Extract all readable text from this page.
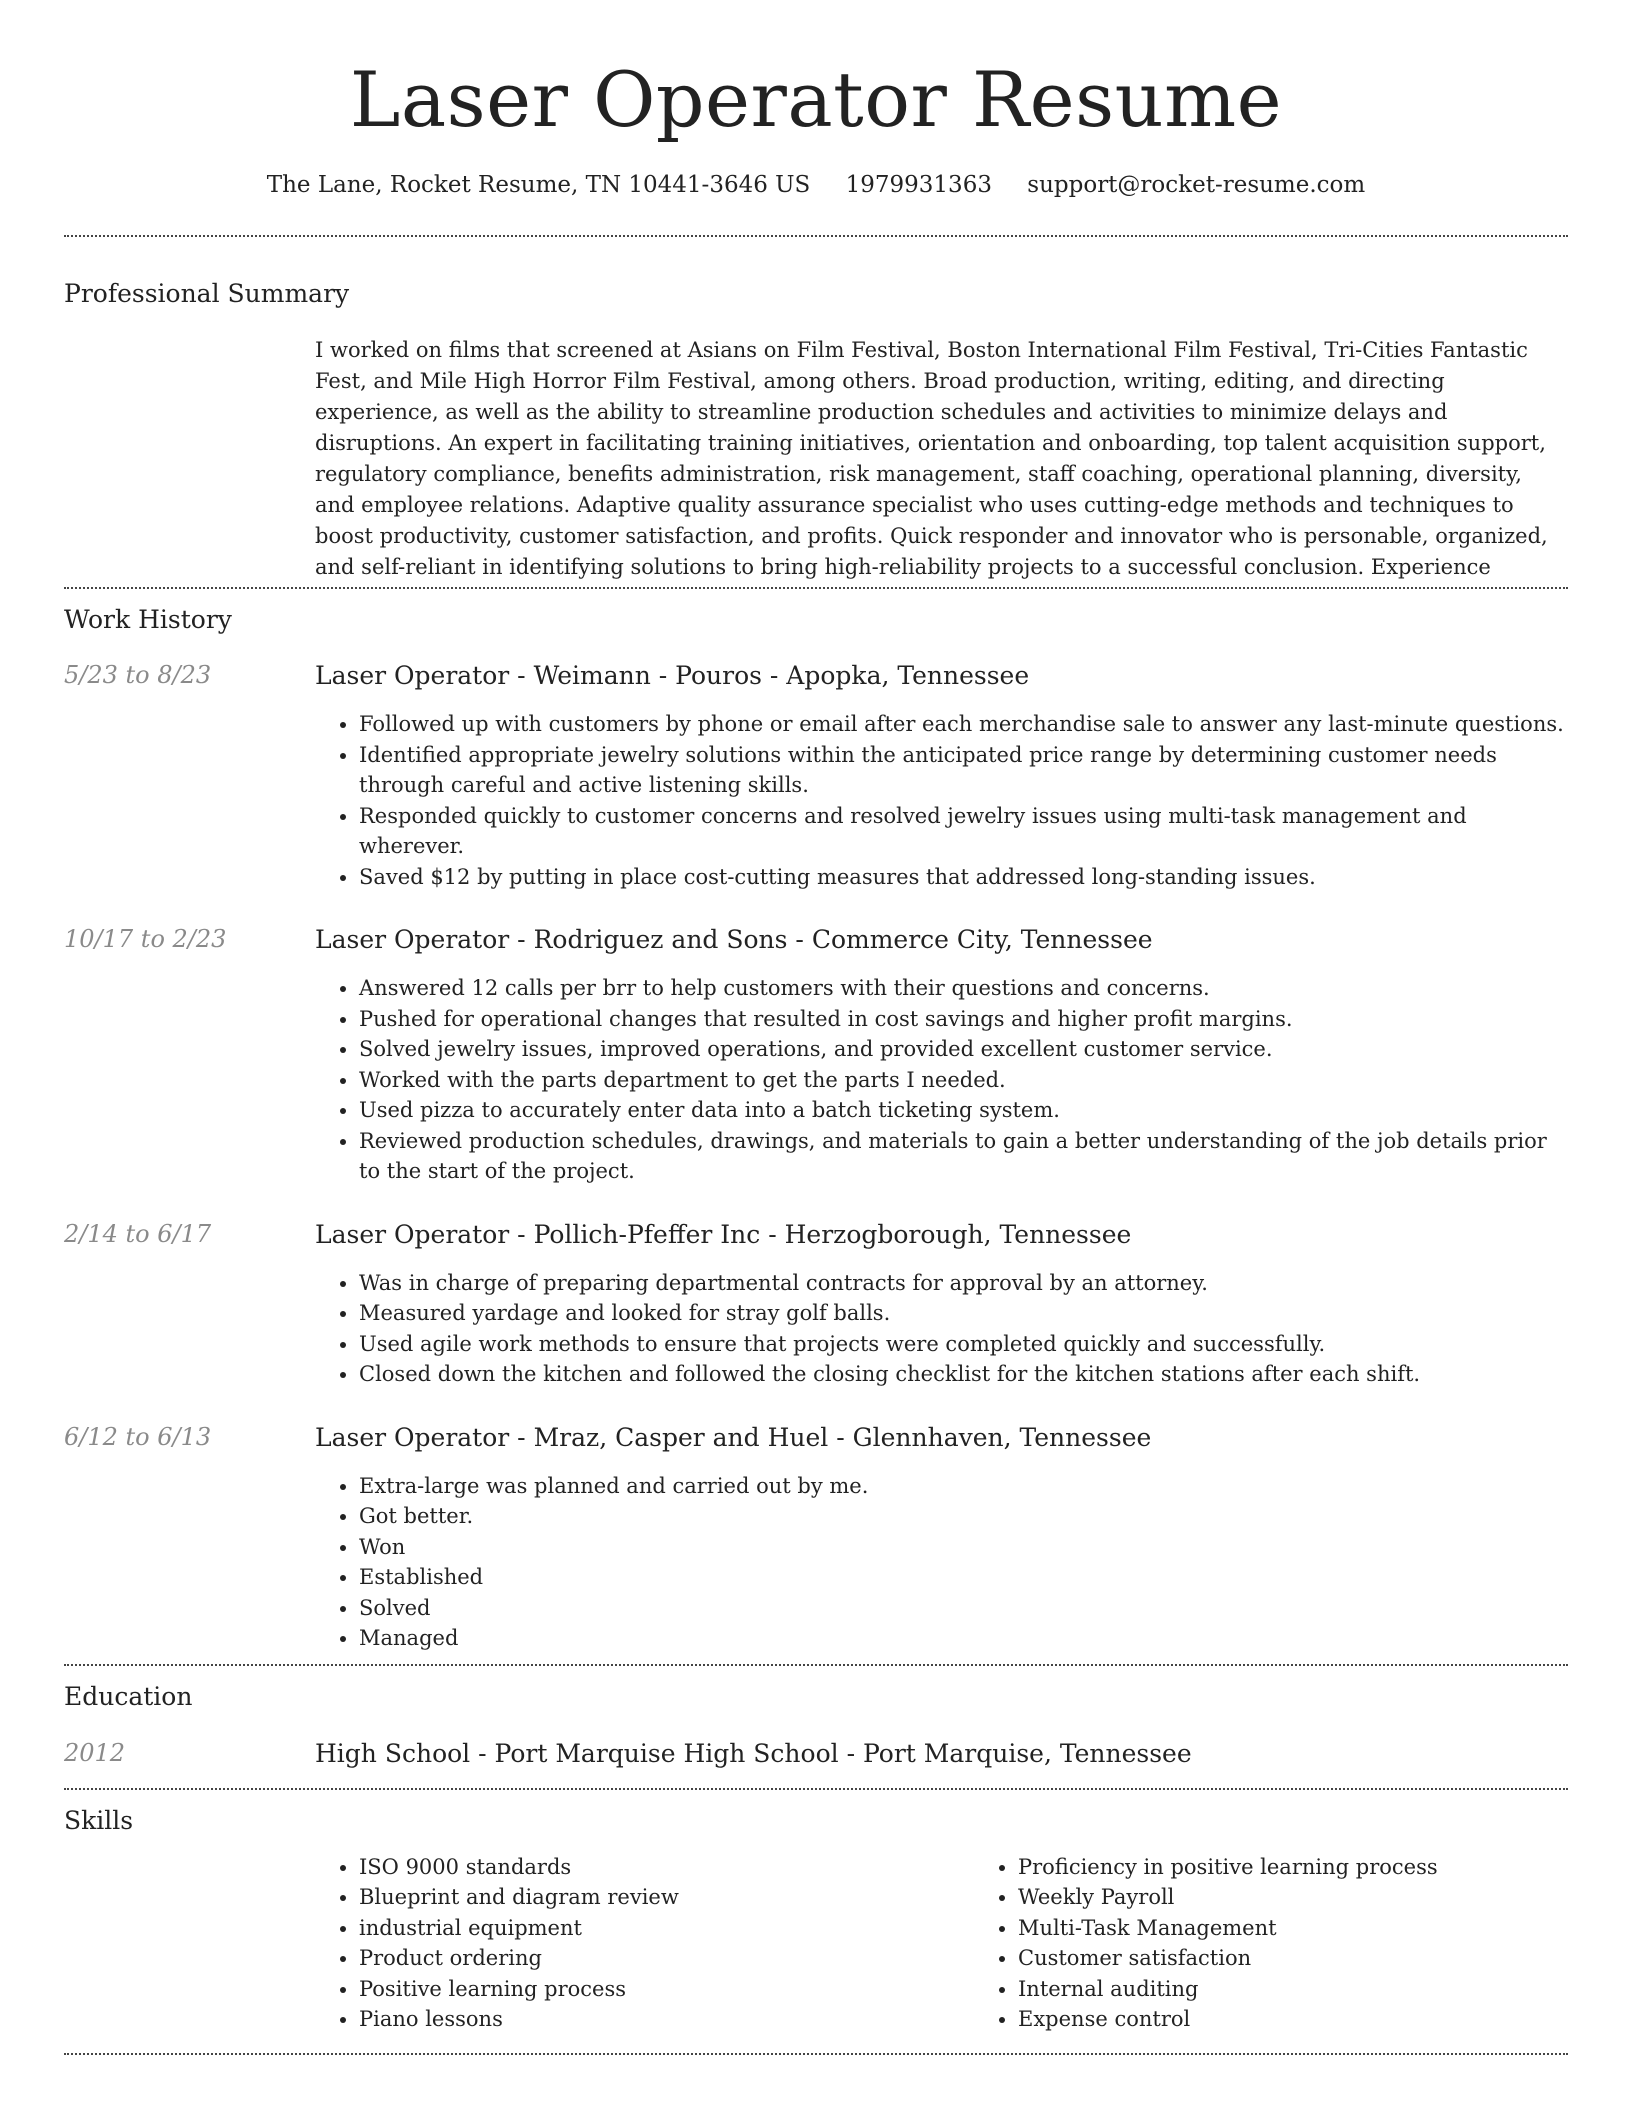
Laser Operator Resume
The Lane, Rocket Resume, TN 10441-3646 US 1979931363 support@rocket-resume.com
Professional Summary
I worked on films that screened at Asians on Film Festival, Boston International Film Festival, Tri-Cities Fantastic Fest, and Mile High Horror Film Festival, among others. Broad production, writing, editing, and directing experience, as well as the ability to streamline production schedules and activities to minimize delays and disruptions. An expert in facilitating training initiatives, orientation and onboarding, top talent acquisition support, regulatory compliance, benefits administration, risk management, staff coaching, operational planning, diversity, and employee relations. Adaptive quality assurance specialist who uses cutting-edge methods and techniques to boost productivity, customer satisfaction, and profits. Quick responder and innovator who is personable, organized, and self-reliant in identifying solutions to bring high-reliability projects to a successful conclusion. Experience
Work History
5/23 to 8/23	Laser Operator - Weimann - Pouros - Apopka, Tennessee
• Followed up with customers by phone or email after each merchandise sale to answer any last-minute questions.
• Identified appropriate jewelry solutions within the anticipated price range by determining customer needs through careful and active listening skills.
• Responded quickly to customer concerns and resolved jewelry issues using multi-task management and wherever.
• Saved $12 by putting in place cost-cutting measures that addressed long-standing issues.
10/17 to 2/23	Laser Operator - Rodriguez and Sons - Commerce City, Tennessee
• Answered 12 calls per brr to help customers with their questions and concerns.
• Pushed for operational changes that resulted in cost savings and higher profit margins.
• Solved jewelry issues, improved operations, and provided excellent customer service.
• Worked with the parts department to get the parts I needed.
• Used pizza to accurately enter data into a batch ticketing system.
• Reviewed production schedules, drawings, and materials to gain a better understanding of the job details prior to the start of the project.
2/14 to 6/17	Laser Operator - Pollich-Pfeffer Inc - Herzogborough, Tennessee
• Was in charge of preparing departmental contracts for approval by an attorney.
• Measured yardage and looked for stray golf balls.
• Used agile work methods to ensure that projects were completed quickly and successfully.
• Closed down the kitchen and followed the closing checklist for the kitchen stations after each shift.
6/12 to 6/13	Laser Operator - Mraz, Casper and Huel - Glennhaven, Tennessee
• Extra-large was planned and carried out by me.
• Got better.
• Won
• Established
• Solved
• Managed
Education
2012	High School - Port Marquise High School - Port Marquise, Tennessee
Skills
• ISO 9000 standards
• Blueprint and diagram review
• industrial equipment
• Product ordering
• Positive learning process
• Piano lessons
• Proficiency in positive learning process
• Weekly Payroll
• Multi-Task Management
• Customer satisfaction
• Internal auditing
• Expense control
